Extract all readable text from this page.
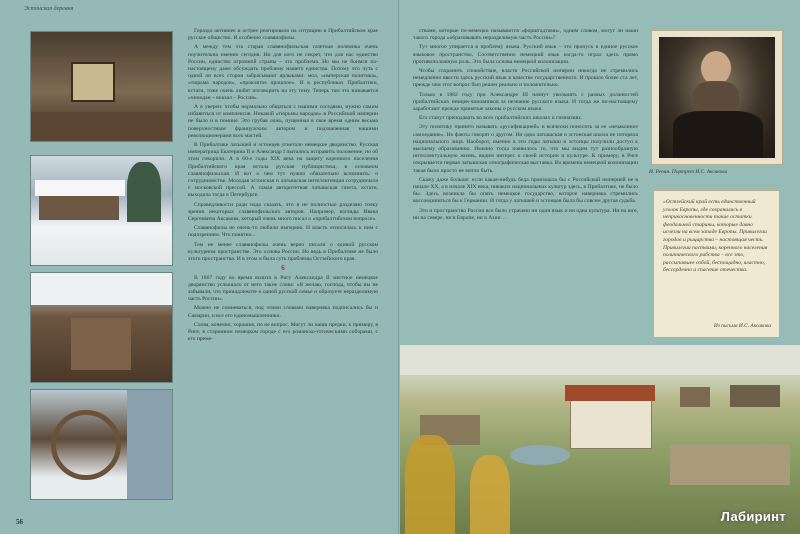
Эстонская деревня

Гораздо активнее и острее реагировало на ситуацию в Прибалтийском крае русское общество. И особенно славянофилы.

А между тем эта старая славянофильская газетная полемика очень поучительна именно сегодня. Ни для кого не секрет, что для нас единство России, единство огромной страны – это проблема. Но мы не боимся по-настоящему даже обсуждать проблему нашего единства. Потому что чуть с одной ли всех сторон забрасывают ярлыками: мол, «имперская политика», «тюрьма народов», «проклятое прошлое». И в республиках Прибалтики, кстати, тоже очень любят поговорить на эту тему. Теперь там это называется «чемодан – вокзал – Россия».

А я уверен: чтобы нормально общаться с нашими соседями, нужно самим избавиться от комплексов. Никакой «тюрьмы народов» в Российской империи не было и в помине. Это грубая ложь, пущенная в свое время одним весьма поверхностным французским автором и подхваченная нашими революционерами всех мастей.

В Прибалтике латышей и эстонцев угнетало немецкое дворянство. Русская императрица Екатерина II и Александр I пытались исправить положение, но об этом говорили. А в 60-е годы XIX века на защиту коренного населения Прибалтийского края встала русская публицистика, в основном славянофильская. И вот о чем тут нужно обязательно вспомнить: о сотрудничестве. Молодая эстонская и латышская интеллигенция сотрудничала с московской прессой. А самая авторитетная латышская газета, кстати, выходила тогда в Петербурге.

Справедливости ради надо сказать, что я не полностью разделяю точку зрения некоторых славянофильских авторов. Например, взгляды Ивана Сергеевича Аксакова, который очень много писал о «прибалтийском вопросе».

Славянофилы не очень-то любили империю. И власть относилась к ним с подозрением. Что понятно...

Тем не менее славянофилы очень верно писали о единой русском культурном пространстве. Это основа России. Но ведь в Прибалтике не было этого пространства. И в этом и была суть проблемы Остзейского края.

6

В 1867 году во время визита в Ригу Александра II местное немецкое дворянство услышало от него такие слова: «Я желаю, господа, чтобы вы не забывали, что принадлежите к одной русской семье и образуете неразделимую часть России».

Можно не сомневаться, под этими словами наверняка подписались бы и Самарин, и все его единомышленники.

Слова, конечно, хорошие, но не вопрос. Могут ли наши предки, к примеру, в Риге, в старинном немецком городе с его романско-готическими соборами, с его преме-

56

ствами, которые по-немецки называются «форштадтами», одним словом, могут ли наши такого города «образовывать неразделимую часть России»?

Тут многое упирается в проблему языка. Русский язык – это пропуск в единое русское языковое пространство. Соответственно немецкий язык когда-то играл здесь прямо противоположную роль. Это была основа немецкой колонизации.

Чтобы сохранить спокойствие, власти Российской империи никогда не стремились немедленно ввести здесь русский язык в качестве государственного. И прошло более ста лет, прежде чем этот вопрос был решен реально и положительно.

Только в 1882 году при Александре III начнут увольнять с разных должностей прибалтийских немцев-чиновников за незнание русского языка. И тогда же по-настоящему заработают прежде принятые законы о русском языке.

Его станут преподавать во всех прибалтийских школах и гимназиях.

Эту политику принято называть «русификацией» и всячески поносить за ее «незаконное самоедание». Но факты говорят о другом. Ни одна латышская и эстонская школа не потеряла национального лица. Наоборот, именно в эти годы латыши и эстонцы получили доступ к высшему образованию. Именно тогда появилось то, что мы видим тут разнообразную интеллектуальную жизнь, видим интерес к своей истории и культуре. К примеру, в Риге открывается первая латышская этнографическая выставка. Во времена немецкой колонизации такая было просто не могло быть.

Скажу даже больше: если какая-нибудь беда произошла бы с Российской империей не в начале XX, а в начале XIX века, никаких национальных культур здесь, в Прибалтике, не было бы. Здесь возникла бы опять немецкое государство, которое наверняка стремились воссоединиться бы к Германии. И тогда у латышей и эстонцев была бы совсем другая судьба.

Это и пространство России все было утрачено ни один язык и ни одна культура. Ни на юге, ни на севере, ни в Европе, ни в Азии…

И. Репин. Портрет И.С. Аксакова
«Остзейский край есть единственный уголок Европы, где сохранились в неприкосновенности такие остатки феодальной старины, которые давно исчезли на всем западе Европы. Привилегии городов и рыцарства – настоящая честь. Привилегии паствами, коренного населения политического рабства – все это, рассыпавшее собой, беспощадно, властно, бессердечно и спасение отечества.
Из письма И.С. Аксакова
Лабиринт
